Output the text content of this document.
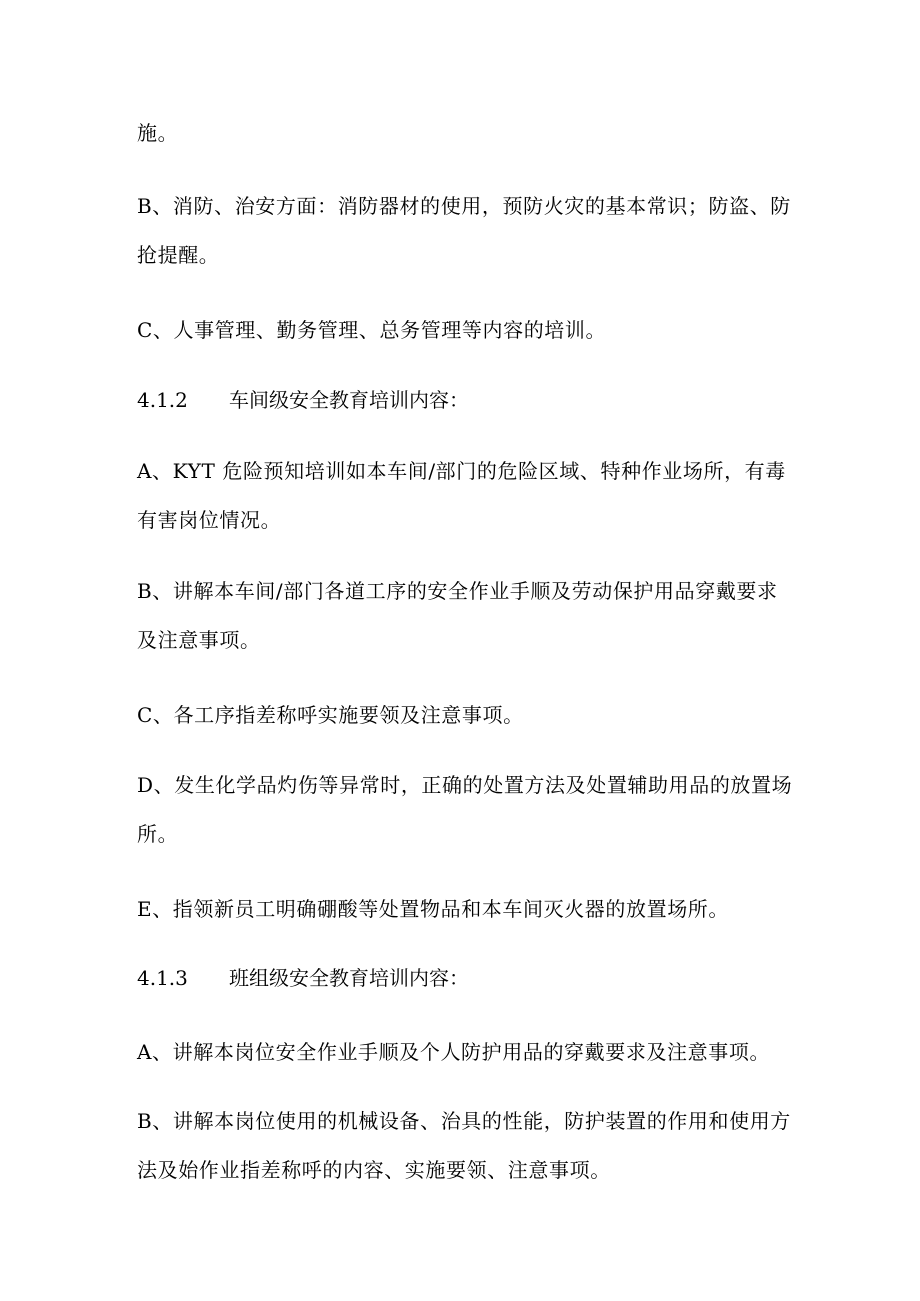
施。
B、消防、治安方面：消防器材的使用，预防火灾的基本常识；防盗、防
抢提醒。
C、人事管理、勤务管理、总务管理等内容的培训。
4.1.2 车间级安全教育培训内容：
A、KYT 危险预知培训如本车间/部门的危险区域、特种作业场所，有毒
有害岗位情况。
B、讲解本车间/部门各道工序的安全作业手顺及劳动保护用品穿戴要求
及注意事项。
C、各工序指差称呼实施要领及注意事项。
D、发生化学品灼伤等异常时，正确的处置方法及处置辅助用品的放置场
所。
E、指领新员工明确硼酸等处置物品和本车间灭火器的放置场所。
4.1.3 班组级安全教育培训内容：
A、讲解本岗位安全作业手顺及个人防护用品的穿戴要求及注意事项。
B、讲解本岗位使用的机械设备、治具的性能，防护装置的作用和使用方
法及始作业指差称呼的内容、实施要领、注意事项。
